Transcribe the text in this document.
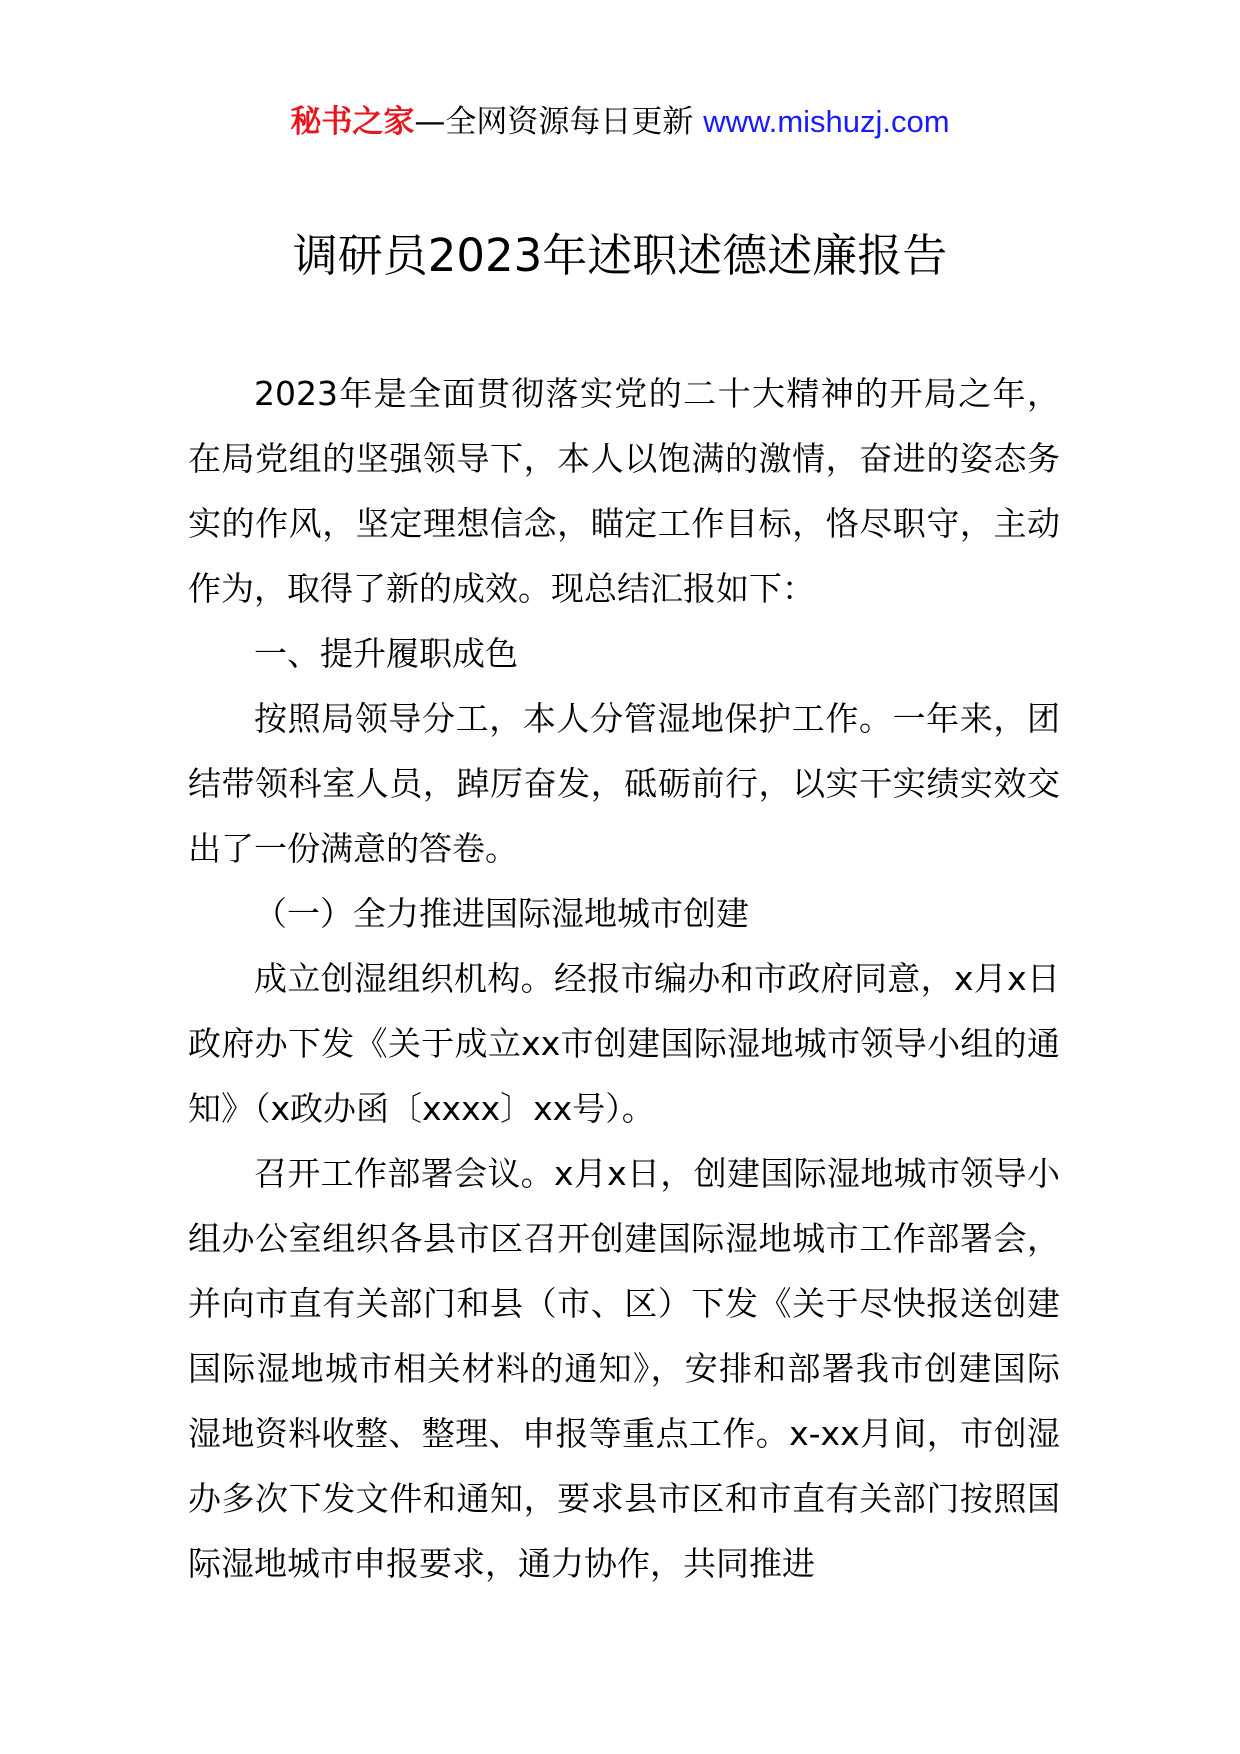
秘书之家—全网资源每日更新 www.mishuzj.com
调研员2023年述职述德述廉报告

2023年是全面贯彻落实党的二十大精神的开局之年，在局党组的坚强领导下，本人以饱满的激情，奋进的姿态务实的作风，坚定理想信念，瞄定工作目标，恪尽职守，主动作为，取得了新的成效。现总结汇报如下：

一、提升履职成色

按照局领导分工，本人分管湿地保护工作。一年来，团结带领科室人员，踔厉奋发，砥砺前行，以实干实绩实效交出了一份满意的答卷。

（一）全力推进国际湿地城市创建

成立创湿组织机构。经报市编办和市政府同意，x月x日政府办下发《关于成立xx市创建国际湿地城市领导小组的通知》（x政办函〔xxxx〕xx号）。

召开工作部署会议。x月x日，创建国际湿地城市领导小组办公室组织各县市区召开创建国际湿地城市工作部署会，并向市直有关部门和县（市、区）下发《关于尽快报送创建国际湿地城市相关材料的通知》，安排和部署我市创建国际湿地资料收整、整理、申报等重点工作。x-xx月间，市创湿办多次下发文件和通知，要求县市区和市直有关部门按照国际湿地城市申报要求，通力协作，共同推进
